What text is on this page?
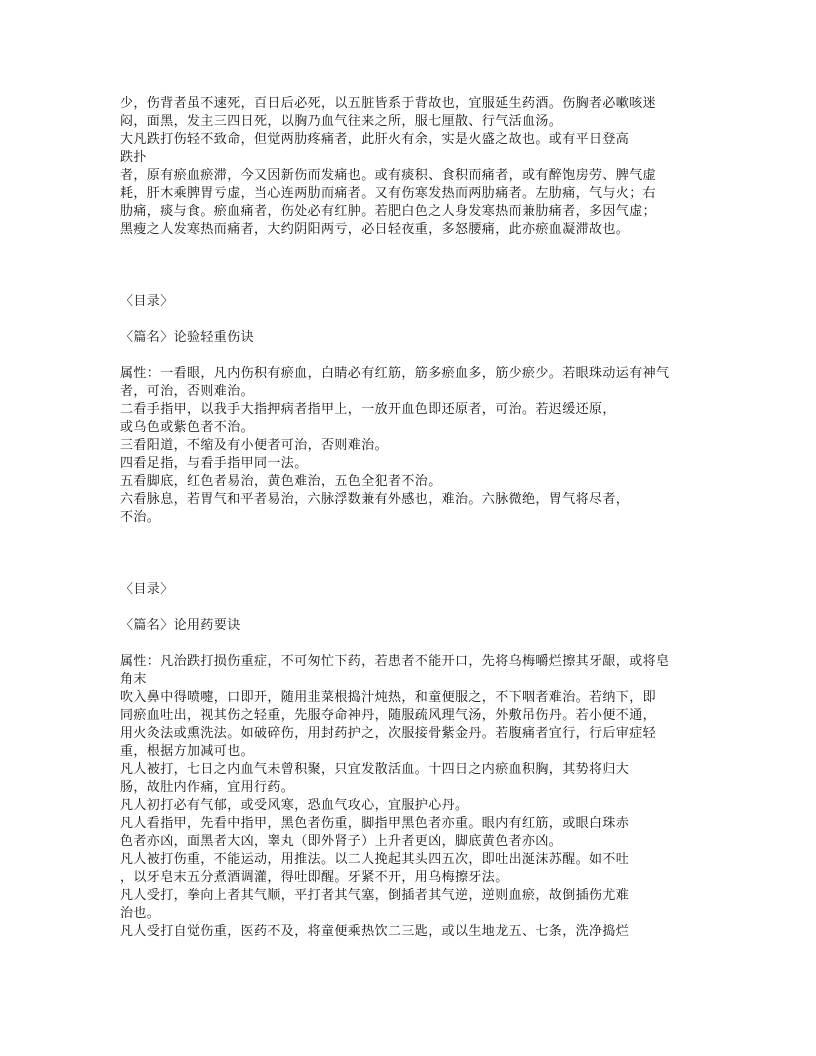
少，伤背者虽不速死，百日后必死，以五脏皆系于背故也，宜服延生药酒。伤胸者必嗽咳迷
闷，面黑，发主三四日死，以胸乃血气往来之所，服七厘散、行气活血汤。
大凡跌打伤轻不致命，但觉两肋疼痛者，此肝火有余，实是火盛之故也。或有平日登高
跌扑
者，原有瘀血瘀滞，今又因新伤而发痛也。或有痰积、食积而痛者，或有醉饱房劳、脾气虚
耗，肝木乘脾胃亏虚，当心连两肋而痛者。又有伤寒发热而两肋痛者。左肋痛，气与火；右
肋痛，痰与食。瘀血痛者，伤处必有红肿。若肥白色之人身发寒热而兼肋痛者，多因气虚；
黑瘦之人发寒热而痛者，大约阴阳两亏，必日轻夜重，多怒腰痛，此亦瘀血凝滞故也。
〈目录〉
〈篇名〉论验轻重伤诀
属性：一看眼，凡内伤积有瘀血，白睛必有红筋，筋多瘀血多，筋少瘀少。若眼珠动运有神气
者，可治，否则难治。
二看手指甲，以我手大指押病者指甲上，一放开血色即还原者，可治。若迟缓还原，
或乌色或紫色者不治。
三看阳道，不缩及有小便者可治，否则难治。
四看足指，与看手指甲同一法。
五看脚底，红色者易治，黄色难治，五色全犯者不治。
六看脉息，若胃气和平者易治，六脉浮数兼有外感也，难治。六脉微绝，胃气将尽者，
不治。
〈目录〉
〈篇名〉论用药要诀
属性：凡治跌打损伤重症，不可匆忙下药，若患者不能开口，先将乌梅嚼烂擦其牙龈，或将皂
角末
吹入鼻中得喷嚏，口即开，随用韭菜根捣汁炖热，和童便服之，不下咽者难治。若纳下，即
同瘀血吐出，视其伤之轻重，先服夺命神丹，随服疏风理气汤，外敷吊伤丹。若小便不通，
用火灸法或熏洗法。如破碎伤，用封药护之，次服接骨紫金丹。若腹痛者宜行，行后审症轻
重，根据方加减可也。
凡人被打，七日之内血气未曾积聚，只宜发散活血。十四日之内瘀血积胸，其势将归大
肠，故肚内作痛，宜用行药。
凡人初打必有气郁，或受风寒，恐血气攻心，宜服护心丹。
凡人看指甲，先看中指甲，黑色者伤重，脚指甲黑色者亦重。眼内有红筋，或眼白珠赤
色者亦凶，面黑者大凶，睾丸（即外肾子）上升者更凶，脚底黄色者亦凶。
凡人被打伤重，不能运动，用推法。以二人挽起其头四五次，即吐出涎沫苏醒。如不吐
，以牙皂末五分煮酒调灌，得吐即醒。牙紧不开，用乌梅擦牙法。
凡人受打，拳向上者其气顺，平打者其气塞，倒插者其气逆，逆则血瘀，故倒插伤尤难
治也。
凡人受打自觉伤重，医药不及，将童便乘热饮二三匙，或以生地龙五、七条，洗净捣烂
